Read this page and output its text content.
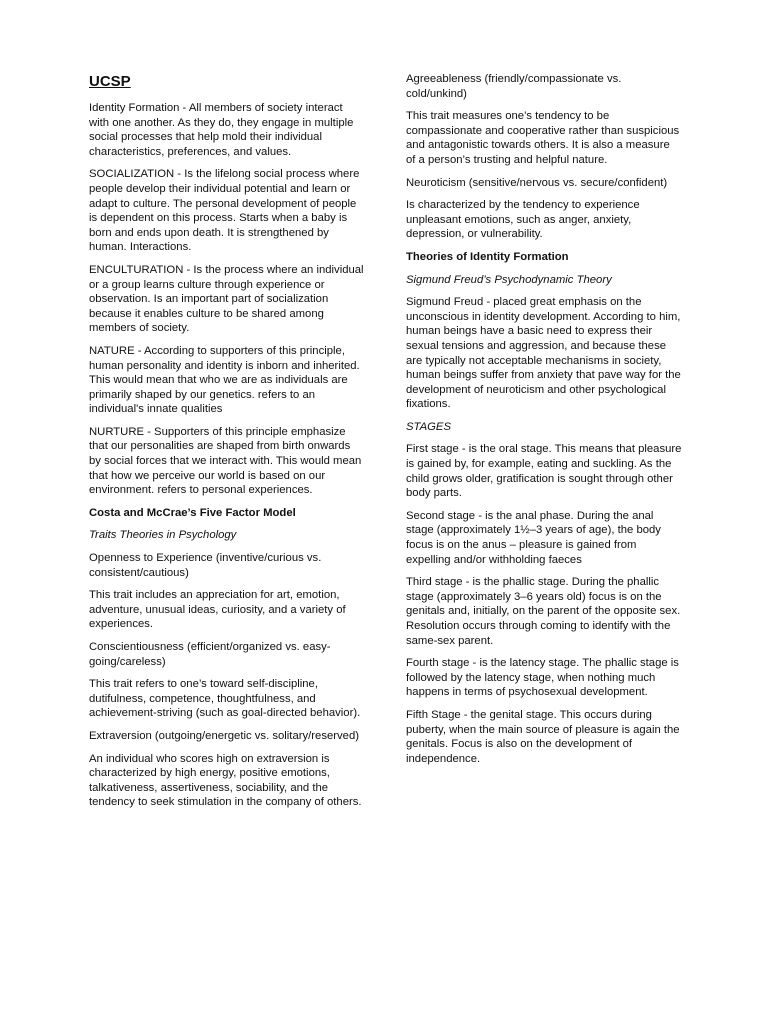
UCSP

Identity Formation - All members of society interact with one another. As they do, they engage in multiple social processes that help mold their individual characteristics, preferences, and values.

SOCIALIZATION - Is the lifelong social process where people develop their individual potential and learn or adapt to culture. The personal development of people is dependent on this process. Starts when a baby is born and ends upon death. It is strengthened by human. Interactions.

ENCULTURATION - Is the process where an individual or a group learns culture through experience or observation. Is an important part of socialization because it enables culture to be shared among members of society.

NATURE - According to supporters of this principle, human personality and identity is inborn and inherited. This would mean that who we are as individuals are primarily shaped by our genetics. refers to an individual's innate qualities

NURTURE - Supporters of this principle emphasize that our personalities are shaped from birth onwards by social forces that we interact with. This would mean that how we perceive our world is based on our environment. refers to personal experiences.

Costa and McCrae’s Five Factor Model

Traits Theories in Psychology

Openness to Experience (inventive/curious vs. consistent/cautious)

This trait includes an appreciation for art, emotion, adventure, unusual ideas, curiosity, and a variety of experiences.

Conscientiousness (efficient/organized vs. easy-going/careless)

This trait refers to one’s toward self-discipline, dutifulness, competence, thoughtfulness, and achievement-striving (such as goal-directed behavior).

Extraversion (outgoing/energetic vs. solitary/reserved)

An individual who scores high on extraversion is characterized by high energy, positive emotions, talkativeness, assertiveness, sociability, and the tendency to seek stimulation in the company of others.

Agreeableness (friendly/compassionate vs. cold/unkind)

This trait measures one’s tendency to be compassionate and cooperative rather than suspicious and antagonistic towards others. It is also a measure of a person’s trusting and helpful nature.

Neuroticism (sensitive/nervous vs. secure/confident)

Is characterized by the tendency to experience unpleasant emotions, such as anger, anxiety, depression, or vulnerability.

Theories of Identity Formation

Sigmund Freud’s Psychodynamic Theory

Sigmund Freud - placed great emphasis on the unconscious in identity development. According to him, human beings have a basic need to express their sexual tensions and aggression, and because these are typically not acceptable mechanisms in society, human beings suffer from anxiety that pave way for the development of neuroticism and other psychological fixations.

STAGES

First stage - is the oral stage. This means that pleasure is gained by, for example, eating and suckling. As the child grows older, gratification is sought through other body parts.

Second stage - is the anal phase. During the anal stage (approximately 1½–3 years of age), the body focus is on the anus – pleasure is gained from expelling and/or withholding faeces

Third stage - is the phallic stage. During the phallic stage (approximately 3–6 years old) focus is on the genitals and, initially, on the parent of the opposite sex. Resolution occurs through coming to identify with the same-sex parent.

Fourth stage - is the latency stage. The phallic stage is followed by the latency stage, when nothing much happens in terms of psychosexual development.

Fifth Stage - the genital stage. This occurs during puberty, when the main source of pleasure is again the genitals. Focus is also on the development of independence.
